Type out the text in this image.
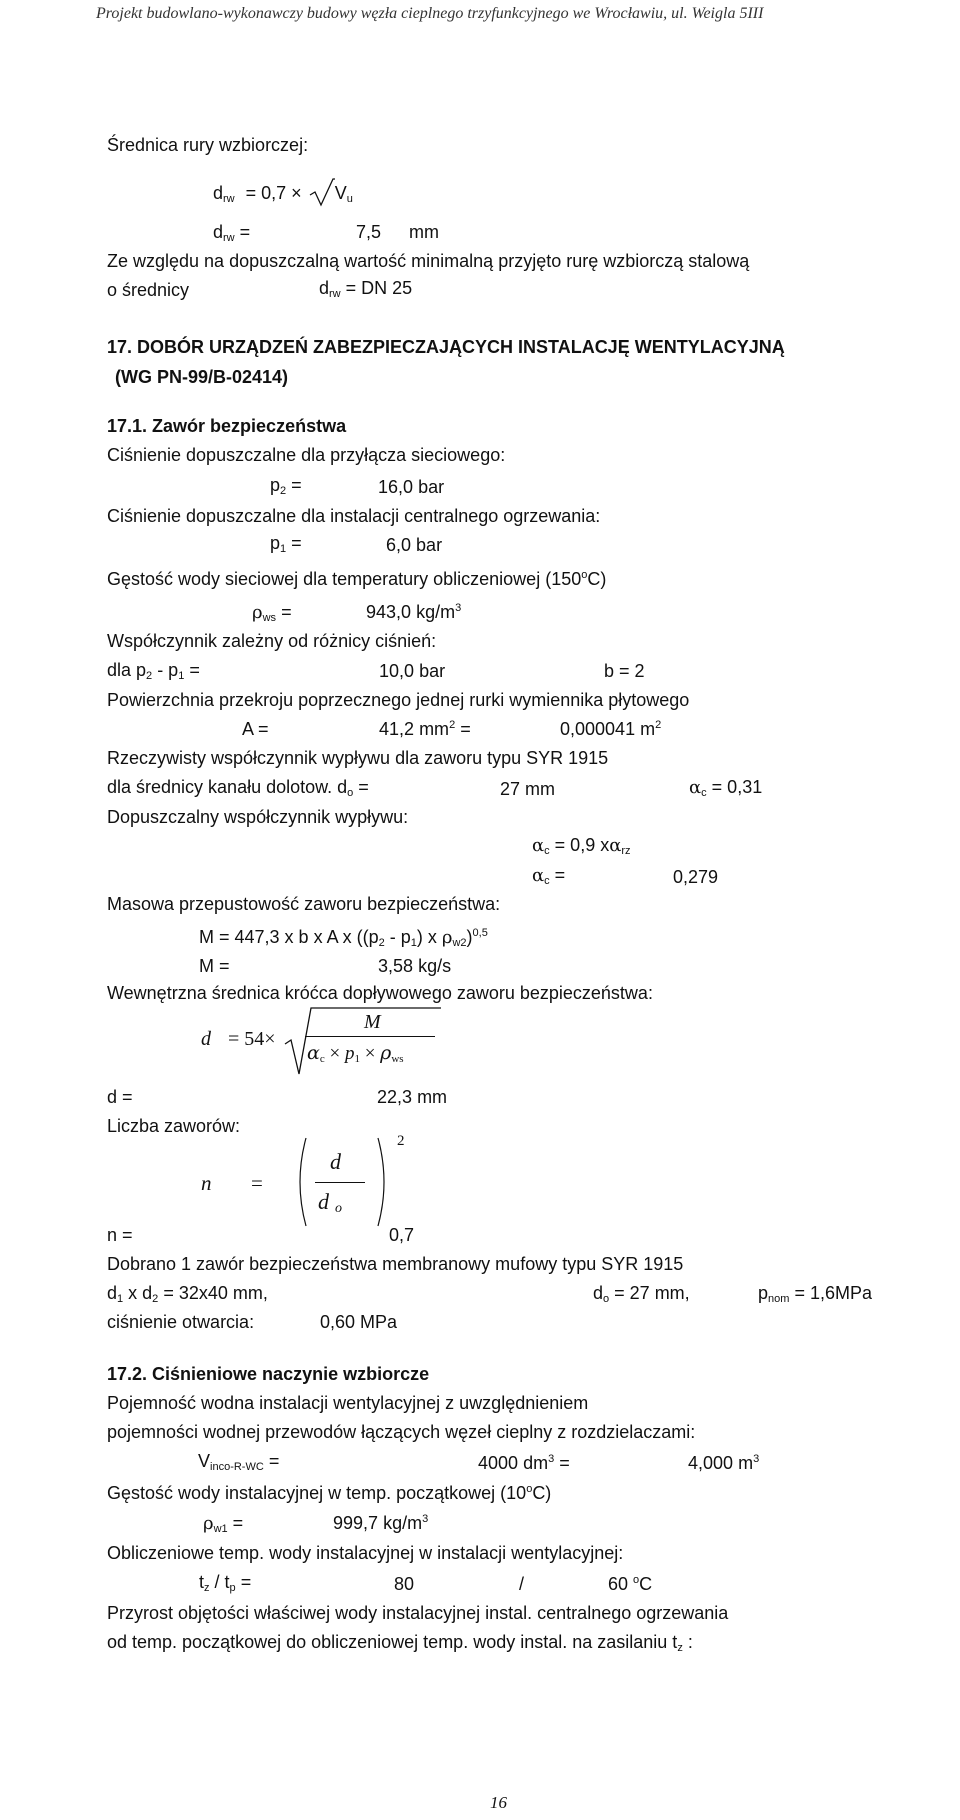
Projekt budowlano-wykonawczy budowy węzła cieplnego trzyfunkcyjnego we Wrocławiu, ul. Weigla 5III
Średnica rury wzbiorczej:
$d_{rw} = 0,7 \times V_u$
$d_{rw}$ =	7,5 mm
Ze względu na dopuszczalną wartość minimalną przyjęto rurę wzbiorczą stalową
o średnicy	$d_{rw}$ = DN 25
17. DOBÓR URZĄDZEŃ ZABEZPIECZAJĄCYCH INSTALACJĘ WENTYLACYJNĄ
(WG PN-99/B-02414)
17.1. Zawór bezpieczeństwa
Ciśnienie dopuszczalne dla przyłącza sieciowego:
$p_2$ =	16,0 bar
Ciśnienie dopuszczalne dla instalacji centralnego ogrzewania:
$p_1$ =	6,0 bar
Gęstość wody sieciowej dla temperatury obliczeniowej (150$^o$C)
$\rho_{ws}$ =	943,0 $kg/m^3$
Współczynnik zależny od różnicy ciśnień:
dla $p_2 - p_1$ =	10,0 bar	b = 2
Powierzchnia przekroju poprzecznego jednej rurki wymiennika płytowego
A =	41,2 $mm^2$ =	0,000041 $m^2$
Rzeczywisty współczynnik wypływu dla zaworu typu SYR 1915
dla średnicy kanału dolotow. $d_o$ =	27 mm	$\alpha_c = 0,31$
Dopuszczalny współczynnik wypływu:
$\alpha_c = 0,9$ $x\alpha_{rz}$
$\alpha_c$ =	0,279
Masowa przepustowość zaworu bezpieczeństwa:
M = 447,3 x b x A x ($(p_2 - p_1)$ x $\rho_{w2})^{0,5}$
M =	3,58 kg/s
Wewnętrzna średnica króćca dopływowego zaworu bezpieczeństwa:
d = 54×
M
$\alpha_c \times p_1 \times \rho_{ws}$
d =	22,3 mm
Liczba zaworów:
n =
d
d $_o$
2
n =	0,7
Dobrano 1 zawór bezpieczeństwa membranowy mufowy typu SYR 1915
$d_1$ x $d_2 = 32x40$ mm,	$d_o = 27$ mm,	$p_{nom} = 1,6MPa$
ciśnienie otwarcia:	0,60 MPa
17.2. Ciśnieniowe naczynie wzbiorcze
Pojemność wodna instalacji wentylacyjnej z uwzględnieniem
pojemności wodnej przewodów łączących węzeł cieplny z rozdzielaczami:
$V_{inco-R-WC}$ =	4000 $dm^3$ =	4,000 $m^3$
Gęstość wody instalacyjnej w temp. początkowej (10$^o$C)
$\rho_{w1}$ =	999,7 $kg/m^3$
Obliczeniowe temp. wody instalacyjnej w instalacji wentylacyjnej:
$t_z / t_p$ =	80	/	60 $^o$C
Przyrost objętości właściwej wody instalacyjnej instal. centralnego ogrzewania
od temp. początkowej do obliczeniowej temp. wody instal. na zasilaniu $t_z$ :
16
